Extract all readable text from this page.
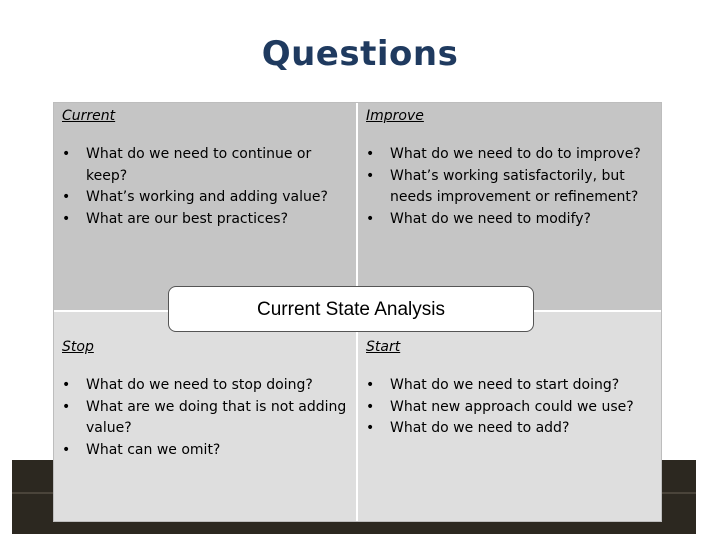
Questions
Current
• What do we need to continue or keep?
• What’s working and adding value?
• What are our best practices?
Improve
• What do we need to do to improve?
• What’s working satisfactorily, but needs improvement or refinement?
• What do we need to modify?
Stop
• What do we need to stop doing?
• What are we doing that is not adding value?
• What can we omit?
Start
• What do we need to start doing?
• What new approach could we use?
• What do we need to add?
Current State Analysis
